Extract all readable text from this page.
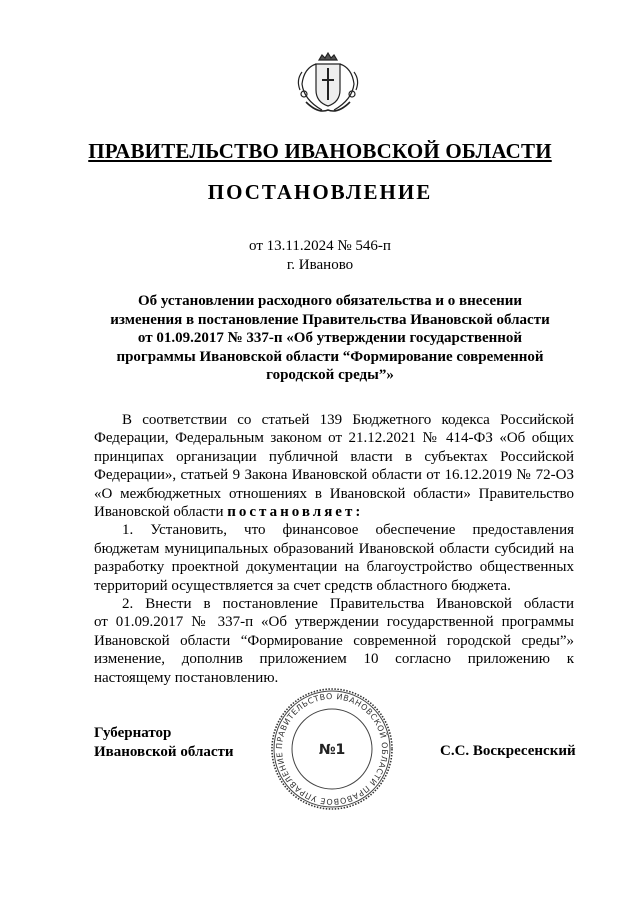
ПРАВИТЕЛЬСТВО ИВАНОВСКОЙ ОБЛАСТИ
ПОСТАНОВЛЕНИЕ
от 13.11.2024 № 546-п
г. Иваново
Об установлении расходного обязательства и о внесении
изменения в постановление Правительства Ивановской области
от 01.09.2017 № 337-п «Об утверждении государственной
программы Ивановской области “Формирование современной
городской среды”»
В соответствии со статьей 139 Бюджетного кодекса Российской
Федерации, Федеральным законом от 21.12.2021 № 414-ФЗ «Об общих
принципах организации публичной власти в субъектах Российской
Федерации», статьей 9 Закона Ивановской области от 16.12.2019 № 72-ОЗ
«О межбюджетных отношениях в Ивановской области» Правительство
Ивановской области постановляет:
1. Установить, что финансовое обеспечение предоставления
бюджетам муниципальных образований Ивановской области субсидий на
разработку проектной документации на благоустройство общественных
территорий осуществляется за счет средств областного бюджета.
2. Внести в постановление Правительства Ивановской области
от 01.09.2017 № 337-п «Об утверждении государственной программы
Ивановской области “Формирование современной городской среды”»
изменение, дополнив приложением 10 согласно приложению к
настоящему постановлению.
Губернатор
Ивановской области	С.С. Воскресенский
ПРАВИТЕЛЬСТВО ИВАНОВСКОЙ ОБЛАСТИ ПРАВОВОЕ УПРАВЛЕНИЕ	№1
